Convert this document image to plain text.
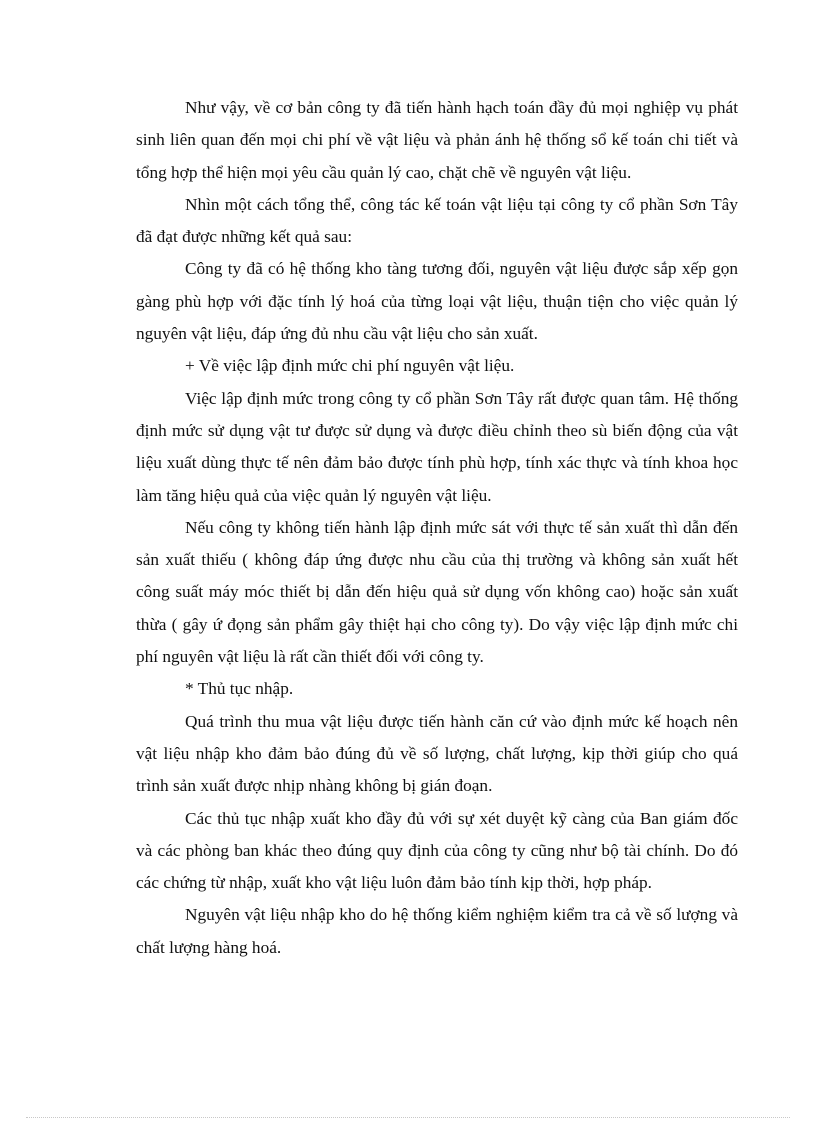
Như vậy, về cơ bản công ty đã tiến hành hạch toán đầy đủ mọi nghiệp vụ phát sinh liên quan đến mọi chi phí về vật liệu và phản ánh hệ thống sổ kế toán chi tiết và tổng hợp thể hiện mọi yêu cầu quản lý cao, chặt chẽ về nguyên vật liệu.

Nhìn một cách tổng thể, công tác kế toán vật liệu tại công ty cổ phần Sơn Tây đã đạt được những kết quả sau:

Công ty đã có hệ thống kho tàng tương đối, nguyên vật liệu được sắp xếp gọn gàng phù hợp với đặc tính lý hoá của từng loại vật liệu, thuận tiện cho việc quản lý nguyên vật liệu, đáp ứng đủ nhu cầu vật liệu cho sản xuất.

+ Về việc lập định mức chi phí nguyên vật liệu.

Việc lập định mức trong công ty cổ phần Sơn Tây rất được quan tâm. Hệ thống định mức sử dụng vật tư được sử dụng và được điều chỉnh theo sù biến động của vật liệu xuất dùng thực tế nên đảm bảo được tính phù hợp, tính xác thực và tính khoa học làm tăng hiệu quả của việc quản lý nguyên vật liệu.

Nếu công ty không tiến hành lập định mức sát với thực tế sản xuất thì dẫn đến sản xuất thiếu ( không đáp ứng được nhu cầu của thị trường và không sản xuất hết công suất máy móc thiết bị dẫn đến hiệu quả sử dụng vốn không cao) hoặc sản xuất thừa ( gây ứ đọng sản phẩm gây thiệt hại cho công ty). Do vậy việc lập định mức chi phí nguyên vật liệu là rất cần thiết đối với công ty.

* Thủ tục nhập.

Quá trình thu mua vật liệu được tiến hành căn cứ vào định mức kế hoạch nên vật liệu nhập kho đảm bảo đúng đủ về số lượng, chất lượng, kịp thời giúp cho quá trình sản xuất được nhịp nhàng không bị gián đoạn.

Các thủ tục nhập xuất kho đầy đủ với sự xét duyệt kỹ càng của Ban giám đốc và các phòng ban khác theo đúng quy định của công ty cũng như bộ tài chính. Do đó các chứng từ nhập, xuất kho vật liệu luôn đảm bảo tính kịp thời, hợp pháp.

Nguyên vật liệu nhập kho do hệ thống kiểm nghiệm kiểm tra cả về số lượng và chất lượng hàng hoá.
